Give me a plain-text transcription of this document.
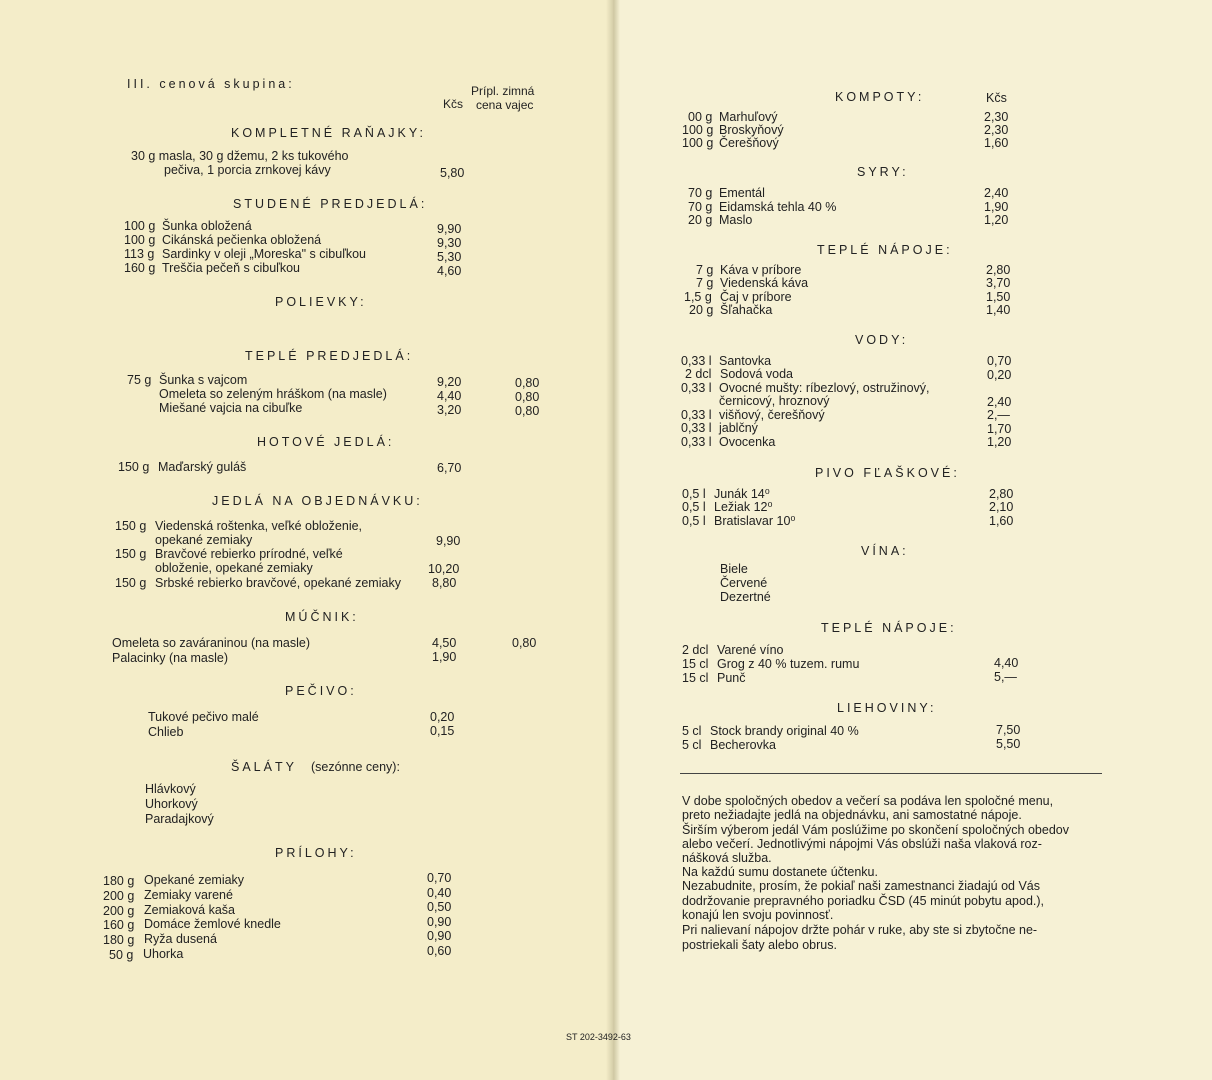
III. cenová skupina:	Prípl. zimná
Kčs cena vajec
KOMPLETNÉ RAŇAJKY:
30 g masla, 30 g džemu, 2 ks tukového
pečiva, 1 porcia zrnkovej kávy	5,80
STUDENÉ PREDJEDLÁ:
100 g Šunka obložená	9,90
100 g Cikánská pečienka obložená	9,30
113 g Sardinky v oleji „Moreska" s cibuľkou	5,30
160 g Treščia pečeň s cibuľkou	4,60
POLIEVKY:
TEPLÉ PREDJEDLÁ:
75 g Šunka s vajcom	9,20	0,80
Omeleta so zeleným hráškom (na masle)	4,40	0,80
Miešané vajcia na cibuľke	3,20	0,80
HOTOVÉ JEDLÁ:
150 g Maďarský guláš	6,70
JEDLÁ NA OBJEDNÁVKU:
150 g Viedenská roštenka, veľké obloženie,
opekané zemiaky	9,90
150 g Bravčové rebierko prírodné, veľké
obloženie, opekané zemiaky	10,20
150 g Srbské rebierko bravčové, opekané zemiaky 8,80
MÚČNIK:
Omeleta so zaváraninou (na masle)	4,50	0,80
Palacinky (na masle)	1,90
PEČIVO:
Tukové pečivo malé	0,20
Chlieb	0,15
ŠALÁTY (sezónne ceny):
Hlávkový
Uhorkový
Paradajkový
PRÍLOHY:
180 g Opekané zemiaky	0,70
200 g Zemiaky varené	0,40
200 g Zemiaková kaša	0,50
160 g Domáce žemlové knedle	0,90
180 g Ryža dusená	0,90
50 g Uhorka	0,60
ST 202-3492-63
KOMPOTY:	Kčs
00 g Marhuľový	2,30
100 g Broskyňový	2,30
100 g Čerešňový	1,60
SYRY:
70 g Ementál	2,40
70 g Eidamská tehla 40 %	1,90
20 g Maslo	1,20
TEPLÉ NÁPOJE:
7 g Káva v príbore	2,80
7 g Viedenská káva	3,70
1,5 g Čaj v príbore	1,50
20 g Šľahačka	1,40
VODY:
0,33 l Santovka	0,70
2 dcl Sodová voda	0,20
0,33 l Ovocné mušty: ríbezlový, ostružinový,
černicový, hroznový	2,40
0,33 l višňový, čerešňový	2,—
0,33 l jablčný	1,70
0,33 l Ovocenka	1,20
PIVO FĽAŠKOVÉ:
0,5 l Junák 14⁰	2,80
0,5 l Ležiak 12⁰	2,10
0,5 l Bratislavar 10⁰	1,60
VÍNA:
Biele
Červené
Dezertné
TEPLÉ NÁPOJE:
2 dcl Varené víno
15 cl Grog z 40 % tuzem. rumu	4,40
15 cl Punč	5,—
LIEHOVINY:
5 cl Stock brandy original 40 %	7,50
5 cl Becherovka	5,50
V dobe spoločných obedov a večerí sa podáva len spoločné menu,
preto nežiadajte jedlá na objednávku, ani samostatné nápoje.
Širším výberom jedál Vám poslúžime po skončení spoločných obedov
alebo večerí. Jednotlivými nápojmi Vás obslúži naša vlaková roz-
nášková služba.
Na každú sumu dostanete účtenku.
Nezabudnite, prosím, že pokiaľ naši zamestnanci žiadajú od Vás
dodržovanie prepravného poriadku ČSD (45 minút pobytu apod.),
konajú len svoju povinnosť.
Pri nalievaní nápojov držte pohár v ruke, aby ste si zbytočne ne-
postriekali šaty alebo obrus.
